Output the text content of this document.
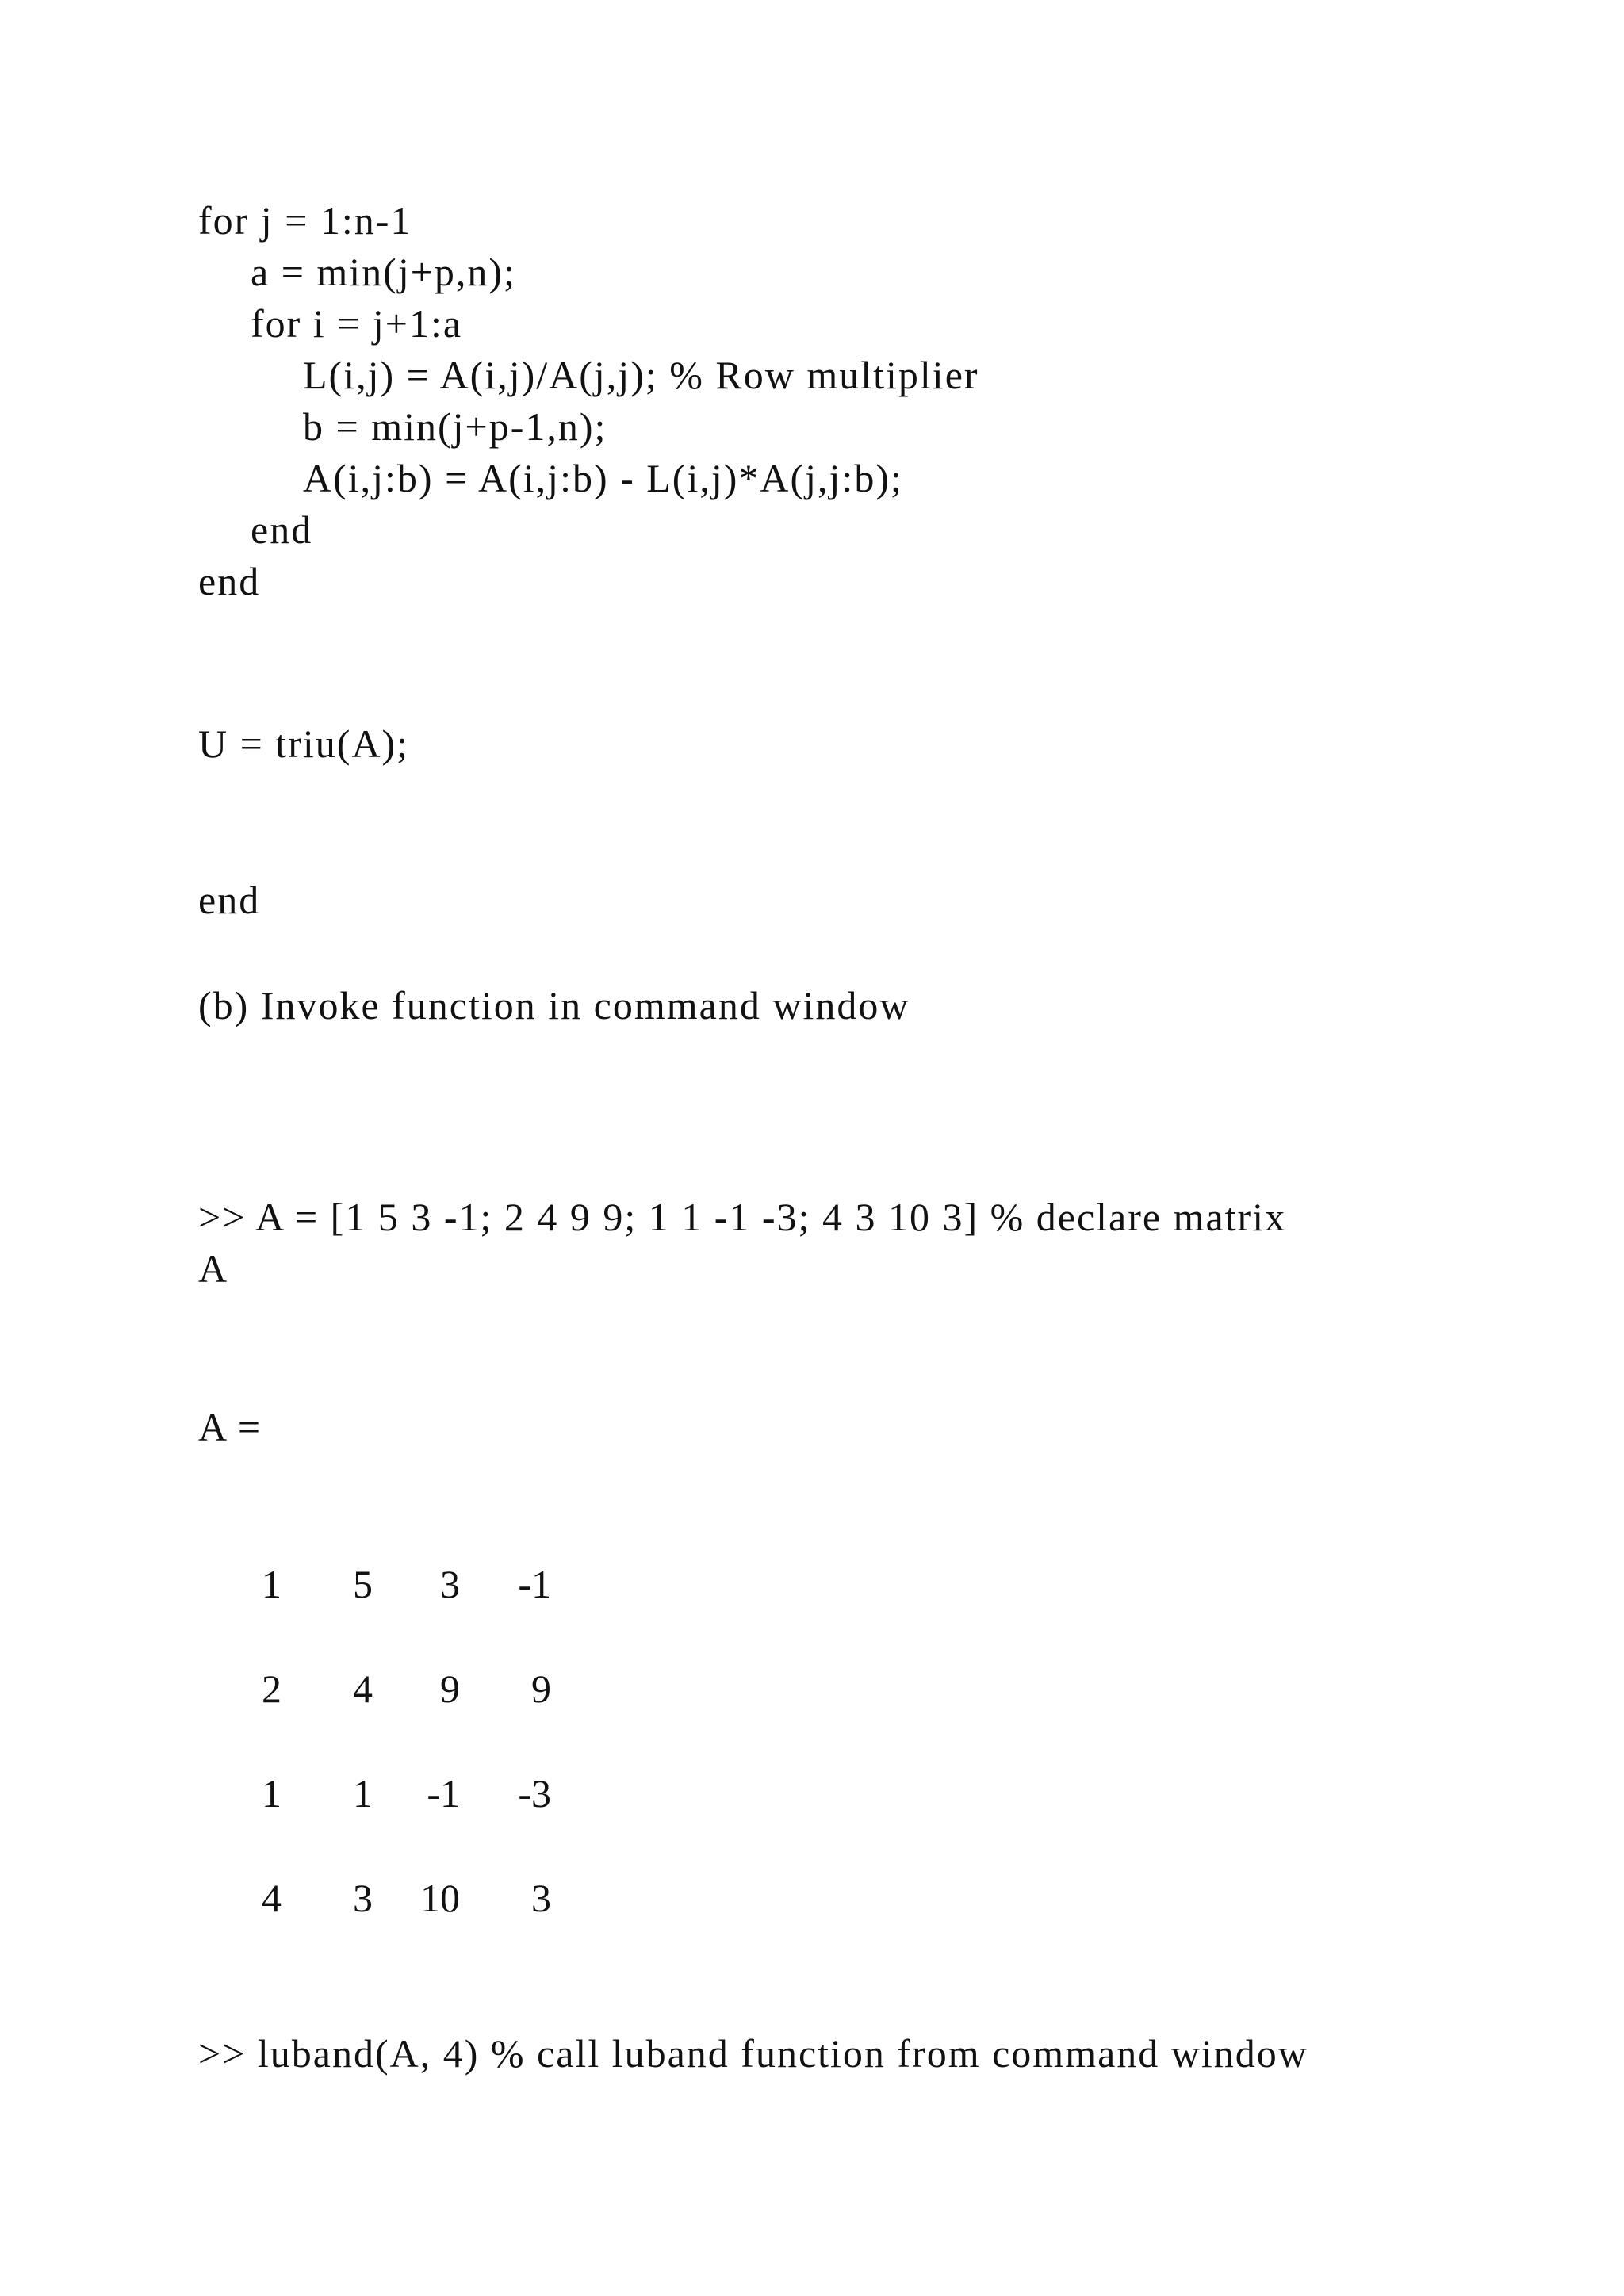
for j = 1:n-1

a = min(j+p,n);

for i = j+1:a

L(i,j) = A(i,j)/A(j,j); % Row multiplier

b = min(j+p-1,n);

A(i,j:b) = A(i,j:b) - L(i,j)*A(j,j:b);

end

end

U = triu(A);

end

(b) Invoke function in command window

>> A = [1 5 3 -1; 2 4 9 9; 1 1 -1 -3; 4 3 10 3] % declare matrix

A

A =

1	5	3	-1
2	4	9	9
1	1	-1	-3
4	3	10	3

>> luband(A, 4) % call luband function from command window
